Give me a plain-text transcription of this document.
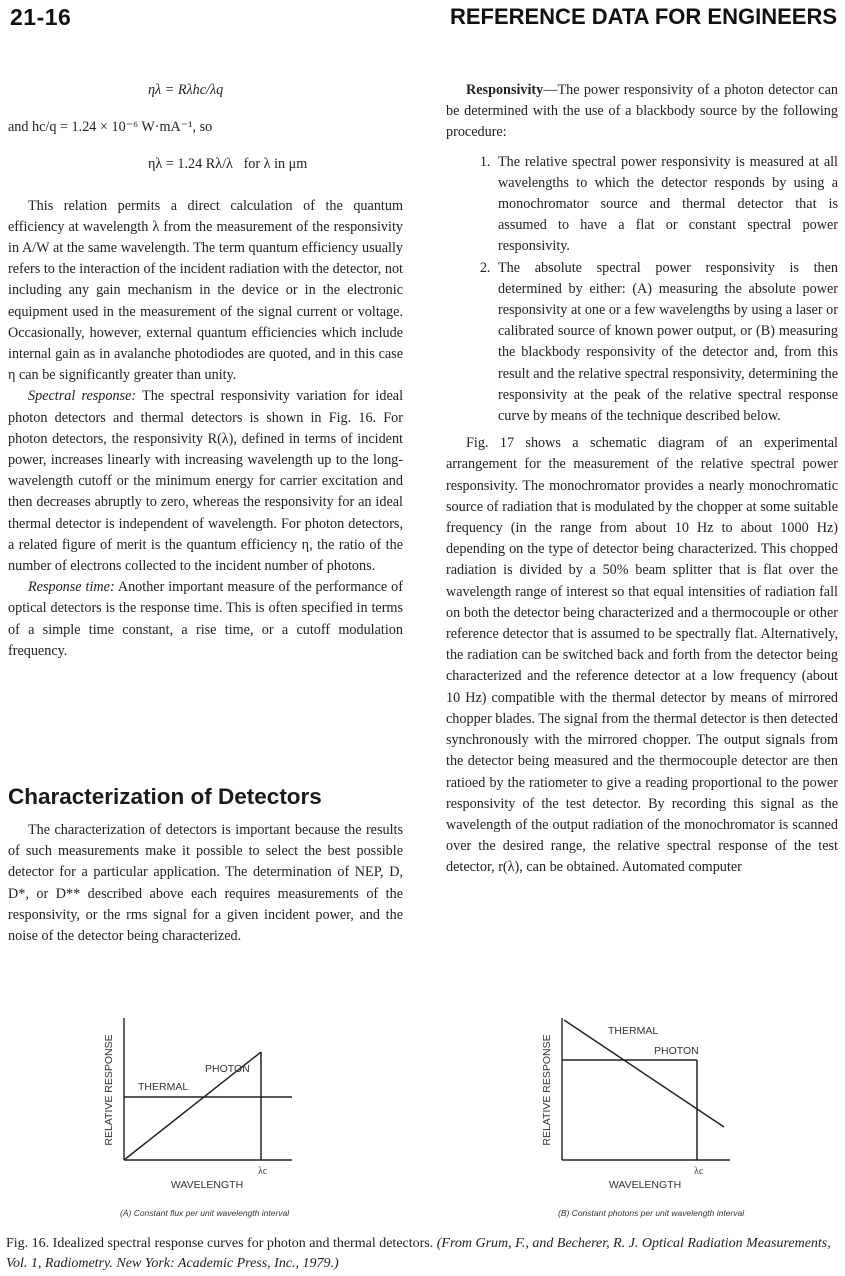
21-16	REFERENCE DATA FOR ENGINEERS
ηλ = Rλhc/λq
and hc/q = 1.24 × 10⁻⁶ W·mA⁻¹, so
ηλ = 1.24 Rλ/λ   for λ in μm

This relation permits a direct calculation of the quantum efficiency at wavelength λ from the measurement of the responsivity in A/W at the same wavelength. The term quantum efficiency usually refers to the interaction of the incident radiation with the detector, not including any gain mechanism in the device or in the electronic equipment used in the measurement of the signal current or voltage. Occasionally, however, external quantum efficiencies which include internal gain as in avalanche photodiodes are quoted, and in this case η can be significantly greater than unity.

Spectral response: The spectral responsivity variation for ideal photon detectors and thermal detectors is shown in Fig. 16. For photon detectors, the responsivity R(λ), defined in terms of incident power, increases linearly with increasing wavelength up to the long-wavelength cutoff or the minimum energy for carrier excitation and then decreases abruptly to zero, whereas the responsivity for an ideal thermal detector is independent of wavelength. For photon detectors, a related figure of merit is the quantum efficiency η, the ratio of the number of electrons collected to the incident number of photons.

Response time: Another important measure of the performance of optical detectors is the response time. This is often specified in terms of a simple time constant, a rise time, or a cutoff modulation frequency.

Characterization of Detectors

The characterization of detectors is important because the results of such measurements make it possible to select the best possible detector for a particular application. The determination of NEP, D, D*, or D** described above each requires measurements of the responsivity, or the rms signal for a given incident power, and the noise of the detector being characterized.

Responsivity—The power responsivity of a photon detector can be determined with the use of a blackbody source by the following procedure:

1. The relative spectral power responsivity is measured at all wavelengths to which the detector responds by using a monochromator source and thermal detector that is assumed to have a flat or constant spectral power responsivity.
2. The absolute spectral power responsivity is then determined by either: (A) measuring the absolute power responsivity at one or a few wavelengths by using a laser or calibrated source of known power output, or (B) measuring the blackbody responsivity of the detector and, from this result and the relative spectral responsivity, determining the responsivity at the peak of the relative spectral response curve by means of the technique described below.

Fig. 17 shows a schematic diagram of an experimental arrangement for the measurement of the relative spectral power responsivity. The monochromator provides a nearly monochromatic source of radiation that is modulated by the chopper at some suitable frequency (in the range from about 10 Hz to about 1000 Hz) depending on the type of detector being characterized. This chopped radiation is divided by a 50% beam splitter that is flat over the wavelength range of interest so that equal intensities of radiation fall on both the detector being characterized and a thermocouple or other reference detector that is assumed to be spectrally flat. Alternatively, the radiation can be switched back and forth from the detector being characterized and the reference detector at a low frequency (about 10 Hz) compatible with the thermal detector by means of mirrored chopper blades. The signal from the thermal detector is then detected synchronously with the mirrored chopper. The output signals from the detector being measured and the thermocouple detector are then ratioed by the ratiometer to give a reading proportional to the power responsivity of the test detector. By recording this signal as the wavelength of the output radiation of the monochromator is scanned over the desired range, the relative spectral response of the test detector, r(λ), can be obtained. Automated computer

RELATIVE RESPONSE	PHOTON
THERMAL
λc
WAVELENGTH
(A) Constant flux per unit wavelength interval
RELATIVE RESPONSE
THERMAL
PHOTON
λc
WAVELENGTH
(B) Constant photons per unit wavelength interval
Fig. 16. Idealized spectral response curves for photon and thermal detectors. (From Grum, F., and Becherer, R. J. Optical Radiation Measurements, Vol. 1, Radiometry. New York: Academic Press, Inc., 1979.)
